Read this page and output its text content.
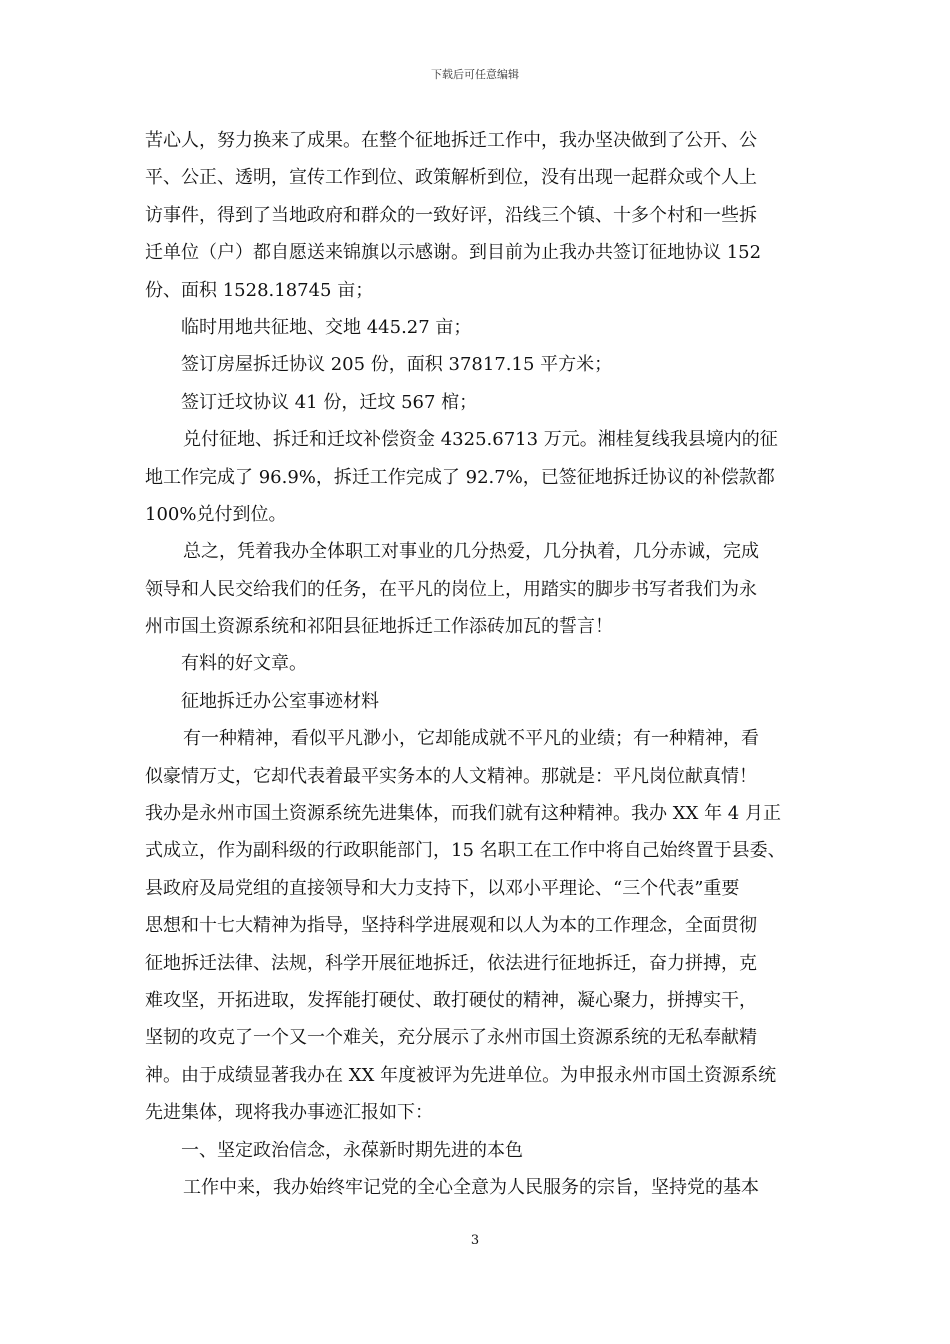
下载后可任意编辑
苦心人，努力换来了成果。在整个征地拆迁工作中，我办坚决做到了公开、公
平、公正、透明，宣传工作到位、政策解析到位，没有出现一起群众或个人上
访事件，得到了当地政府和群众的一致好评，沿线三个镇、十多个村和一些拆
迁单位（户）都自愿送来锦旗以示感谢。到目前为止我办共签订征地协议 152
份、面积 1528.18745 亩；
临时用地共征地、交地 445.27 亩；
签订房屋拆迁协议 205 份，面积 37817.15 平方米；
签订迁坟协议 41 份，迁坟 567 棺；
兑付征地、拆迁和迁坟补偿资金 4325.6713 万元。湘桂复线我县境内的征
地工作完成了 96.9%，拆迁工作完成了 92.7%，已签征地拆迁协议的补偿款都
100%兑付到位。
总之，凭着我办全体职工对事业的几分热爱，几分执着，几分赤诚，完成
领导和人民交给我们的任务，在平凡的岗位上，用踏实的脚步书写者我们为永
州市国土资源系统和祁阳县征地拆迁工作添砖加瓦的誓言！
有料的好文章。
征地拆迁办公室事迹材料
有一种精神，看似平凡渺小，它却能成就不平凡的业绩；有一种精神，看
似豪情万丈，它却代表着最平实务本的人文精神。那就是：平凡岗位献真情！
我办是永州市国土资源系统先进集体，而我们就有这种精神。我办 XX 年 4 月正
式成立，作为副科级的行政职能部门，15 名职工在工作中将自己始终置于县委、
县政府及局党组的直接领导和大力支持下，以邓小平理论、“三个代表”重要
思想和十七大精神为指导，坚持科学进展观和以人为本的工作理念，全面贯彻
征地拆迁法律、法规，科学开展征地拆迁，依法进行征地拆迁，奋力拼搏，克
难攻坚，开拓进取，发挥能打硬仗、敢打硬仗的精神，凝心聚力，拼搏实干，
坚韧的攻克了一个又一个难关，充分展示了永州市国土资源系统的无私奉献精
神。由于成绩显著我办在 XX 年度被评为先进单位。为申报永州市国土资源系统
先进集体，现将我办事迹汇报如下：
一、坚定政治信念，永葆新时期先进的本色
工作中来，我办始终牢记党的全心全意为人民服务的宗旨，坚持党的基本
3
